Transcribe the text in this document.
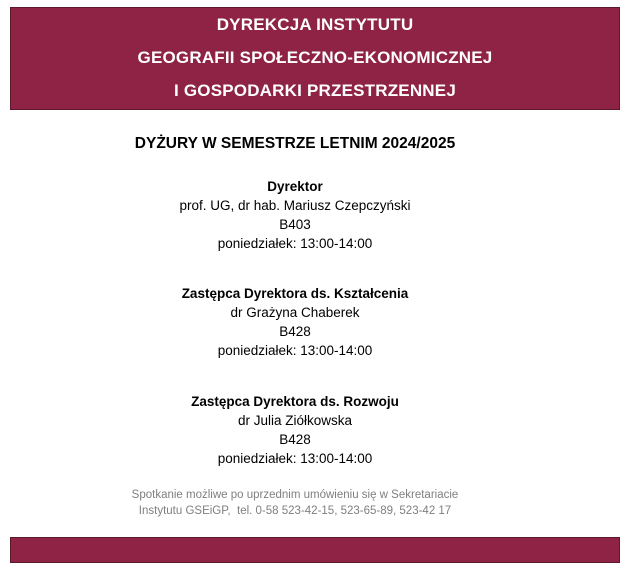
DYREKCJA INSTYTUTU
GEOGRAFII SPOŁECZNO-EKONOMICZNEJ
I GOSPODARKI PRZESTRZENNEJ
DYŻURY W SEMESTRZE LETNIM 2024/2025
Dyrektor
prof. UG, dr hab. Mariusz Czepczyński
B403
poniedziałek: 13:00-14:00
Zastępca Dyrektora ds. Kształcenia
dr Grażyna Chaberek
B428
poniedziałek: 13:00-14:00
Zastępca Dyrektora ds. Rozwoju
dr Julia Ziółkowska
B428
poniedziałek: 13:00-14:00
Spotkanie możliwe po uprzednim umówieniu się w Sekretariacie
Instytutu GSEiGP,  tel. 0-58 523-42-15, 523-65-89, 523-42 17
